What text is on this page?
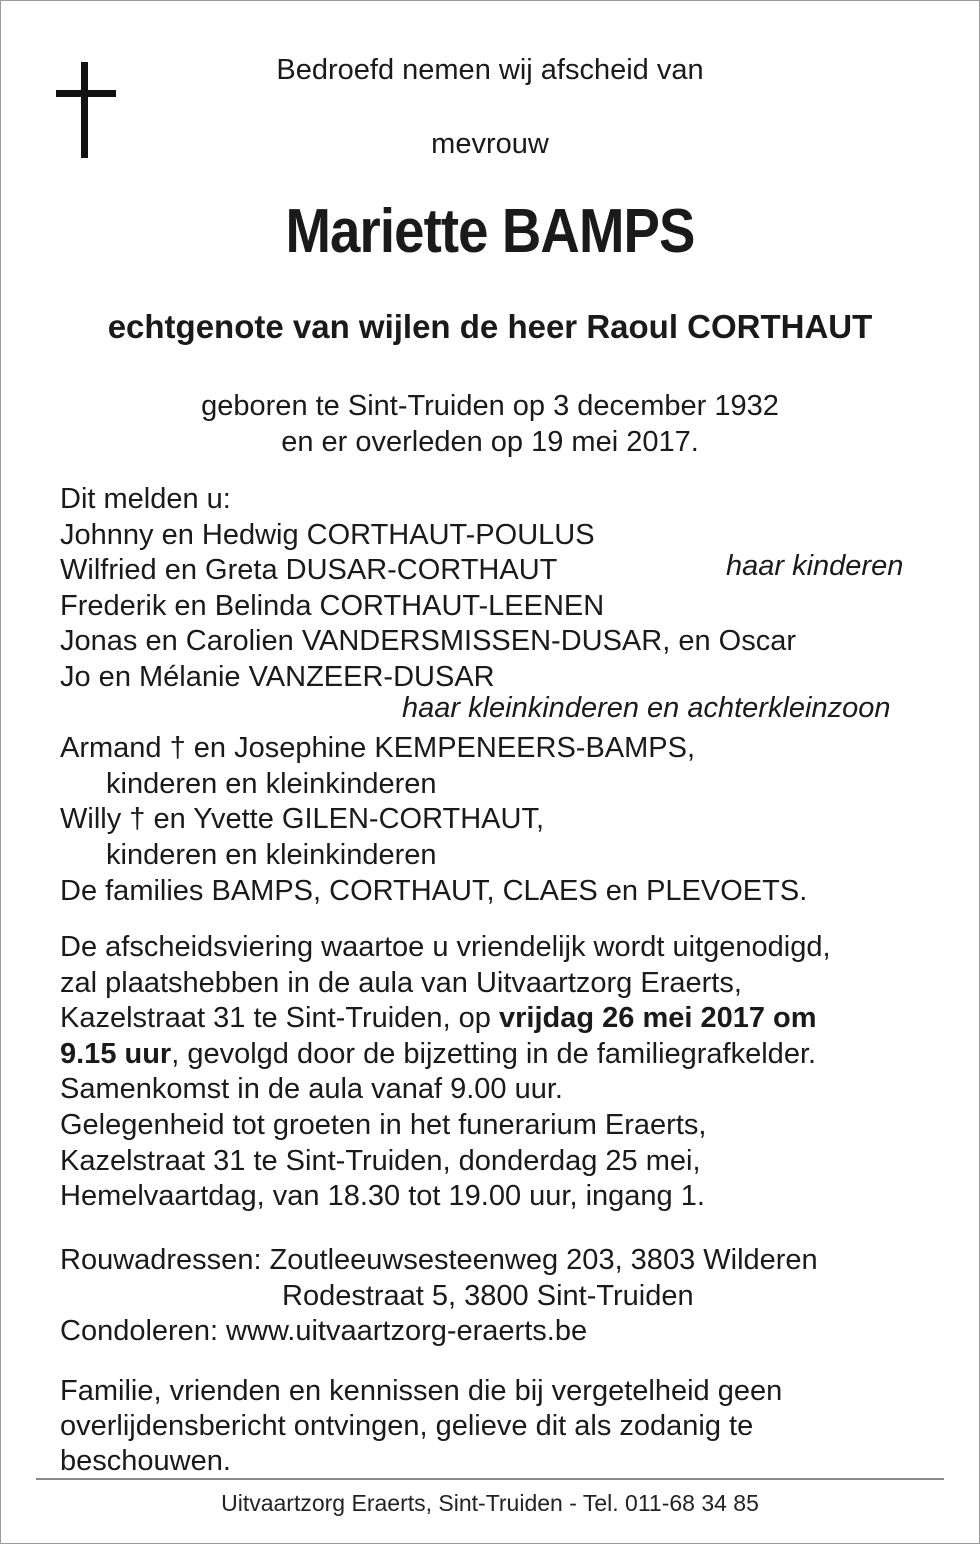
Bedroefd nemen wij afscheid van
mevrouw
Mariette BAMPS
echtgenote van wijlen de heer Raoul CORTHAUT
geboren te Sint-Truiden op 3 december 1932
en er overleden op 19 mei 2017.
Dit melden u:
Johnny en Hedwig CORTHAUT-POULUS
Wilfried en Greta DUSAR-CORTHAUT
Frederik en Belinda CORTHAUT-LEENEN
Jonas en Carolien VANDERSMISSEN-DUSAR, en Oscar
Jo en Mélanie VANZEER-DUSAR
Armand † en Josephine KEMPENEERS-BAMPS,
kinderen en kleinkinderen
Willy † en Yvette GILEN-CORTHAUT,
kinderen en kleinkinderen
De families BAMPS, CORTHAUT, CLAES en PLEVOETS.
haar kinderen
haar kleinkinderen en achterkleinzoon
De afscheidsviering waartoe u vriendelijk wordt uitgenodigd,
zal plaatshebben in de aula van Uitvaartzorg Eraerts,
Kazelstraat 31 te Sint-Truiden, op vrijdag 26 mei 2017 om
9.15 uur, gevolgd door de bijzetting in de familiegrafkelder.
Samenkomst in de aula vanaf 9.00 uur.
Gelegenheid tot groeten in het funerarium Eraerts,
Kazelstraat 31 te Sint-Truiden, donderdag 25 mei,
Hemelvaartdag, van 18.30 tot 19.00 uur, ingang 1.
Rouwadressen: Zoutleeuwsesteenweg 203, 3803 Wilderen
Rodestraat 5, 3800 Sint-Truiden
Condoleren: www.uitvaartzorg-eraerts.be
Familie, vrienden en kennissen die bij vergetelheid geen
overlijdensbericht ontvingen, gelieve dit als zodanig te
beschouwen.
Uitvaartzorg Eraerts, Sint-Truiden - Tel. 011-68 34 85
